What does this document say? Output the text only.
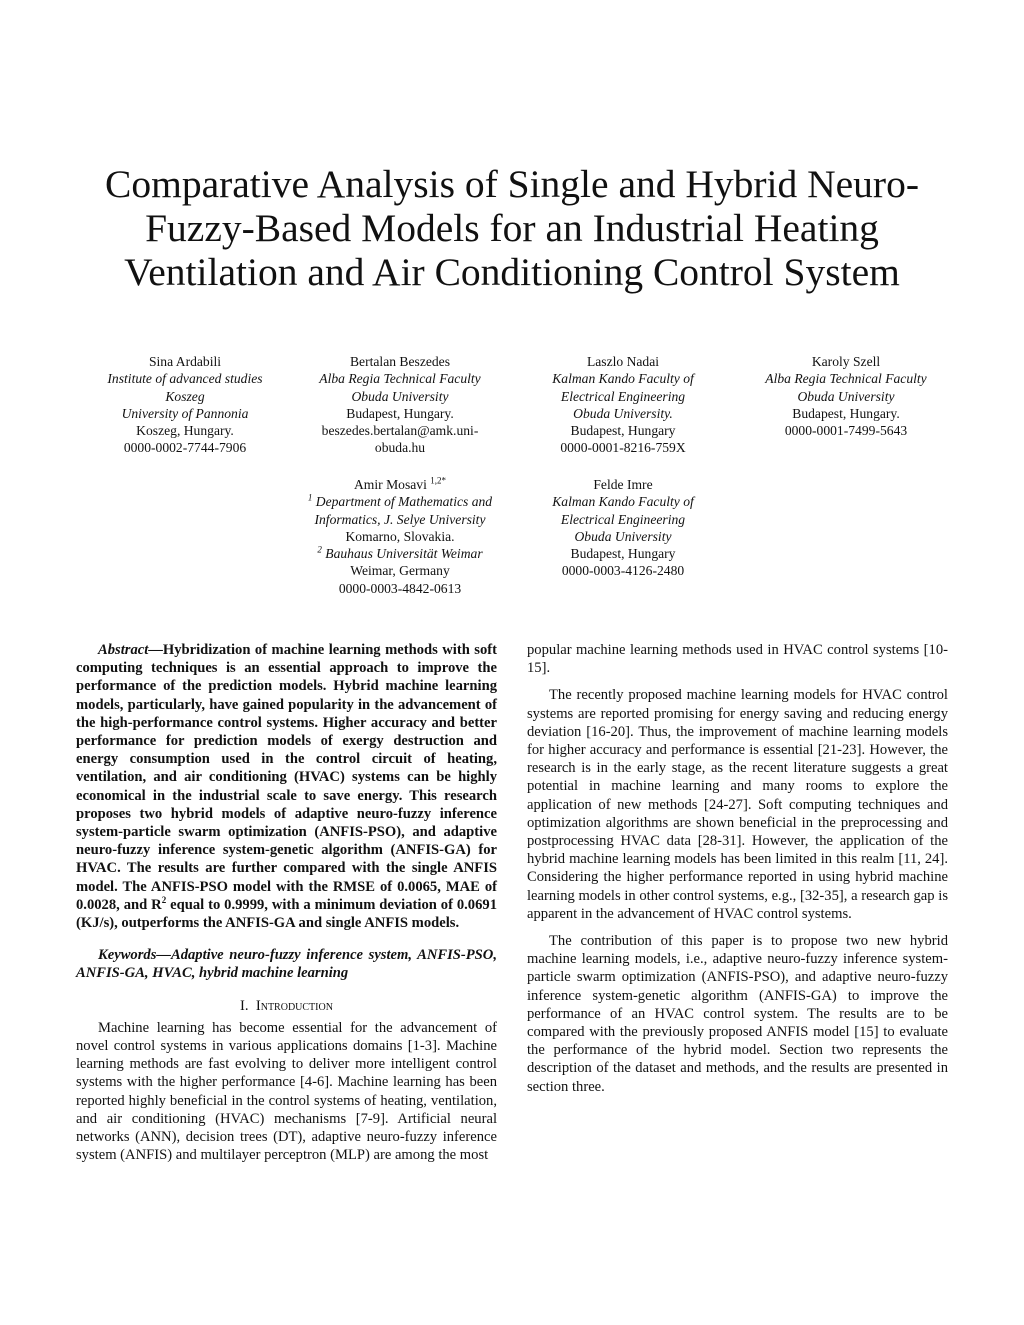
Comparative Analysis of Single and Hybrid Neuro-
Fuzzy-Based Models for an Industrial Heating
Ventilation and Air Conditioning Control System
Sina Ardabili
Institute of advanced studies
Koszeg
University of Pannonia
Koszeg, Hungary.
0000-0002-7744-7906
Bertalan Beszedes
Alba Regia Technical Faculty
Obuda University
Budapest, Hungary.
beszedes.bertalan@amk.uni-
obuda.hu
Laszlo Nadai
Kalman Kando Faculty of
Electrical Engineering
Obuda University.
Budapest, Hungary
0000-0001-8216-759X
Karoly Szell
Alba Regia Technical Faculty
Obuda University
Budapest, Hungary.
0000-0001-7499-5643
Amir Mosavi $^{1,2*}$
$^1$ Department of Mathematics and
Informatics, J. Selye University
Komarno, Slovakia.
$^2$ Bauhaus Universität Weimar
Weimar, Germany
0000-0003-4842-0613
Felde Imre
Kalman Kando Faculty of
Electrical Engineering
Obuda University
Budapest, Hungary
0000-0003-4126-2480

Abstract—Hybridization of machine learning methods with soft computing techniques is an essential approach to improve the performance of the prediction models. Hybrid machine learning models, particularly, have gained popularity in the advancement of the high-performance control systems. Higher accuracy and better performance for prediction models of exergy destruction and energy consumption used in the control circuit of heating, ventilation, and air conditioning (HVAC) systems can be highly economical in the industrial scale to save energy. This research proposes two hybrid models of adaptive neuro-fuzzy inference system-particle swarm optimization (ANFIS-PSO), and adaptive neuro-fuzzy inference system-genetic algorithm (ANFIS-GA) for HVAC. The results are further compared with the single ANFIS model. The ANFIS-PSO model with the RMSE of 0.0065, MAE of 0.0028, and $R^2$ equal to 0.9999, with a minimum deviation of 0.0691 (KJ/s), outperforms the ANFIS-GA and single ANFIS models.

Keywords—Adaptive neuro-fuzzy inference system, ANFIS-PSO, ANFIS-GA, HVAC, hybrid machine learning

I. Introduction

Machine learning has become essential for the advancement of novel control systems in various applications domains [1-3]. Machine learning methods are fast evolving to deliver more intelligent control systems with the higher performance [4-6]. Machine learning has been reported highly beneficial in the control systems of heating, ventilation, and air conditioning (HVAC) mechanisms [7-9]. Artificial neural networks (ANN), decision trees (DT), adaptive neuro-fuzzy inference system (ANFIS) and multilayer perceptron (MLP) are among the most

popular machine learning methods used in HVAC control systems [10-15].

The recently proposed machine learning models for HVAC control systems are reported promising for energy saving and reducing energy deviation [16-20]. Thus, the improvement of machine learning models for higher accuracy and performance is essential [21-23]. However, the research is in the early stage, as the recent literature suggests a great potential in machine learning and many rooms to explore the application of new methods [24-27]. Soft computing techniques and optimization algorithms are shown beneficial in the preprocessing and postprocessing HVAC data [28-31]. However, the application of the hybrid machine learning models has been limited in this realm [11, 24]. Considering the higher performance reported in using hybrid machine learning models in other control systems, e.g., [32-35], a research gap is apparent in the advancement of HVAC control systems.

The contribution of this paper is to propose two new hybrid machine learning models, i.e., adaptive neuro-fuzzy inference system-particle swarm optimization (ANFIS-PSO), and adaptive neuro-fuzzy inference system-genetic algorithm (ANFIS-GA) to improve the performance of an HVAC control system. The results are to be compared with the previously proposed ANFIS model [15] to evaluate the performance of the hybrid model. Section two represents the description of the dataset and methods, and the results are presented in section three.
